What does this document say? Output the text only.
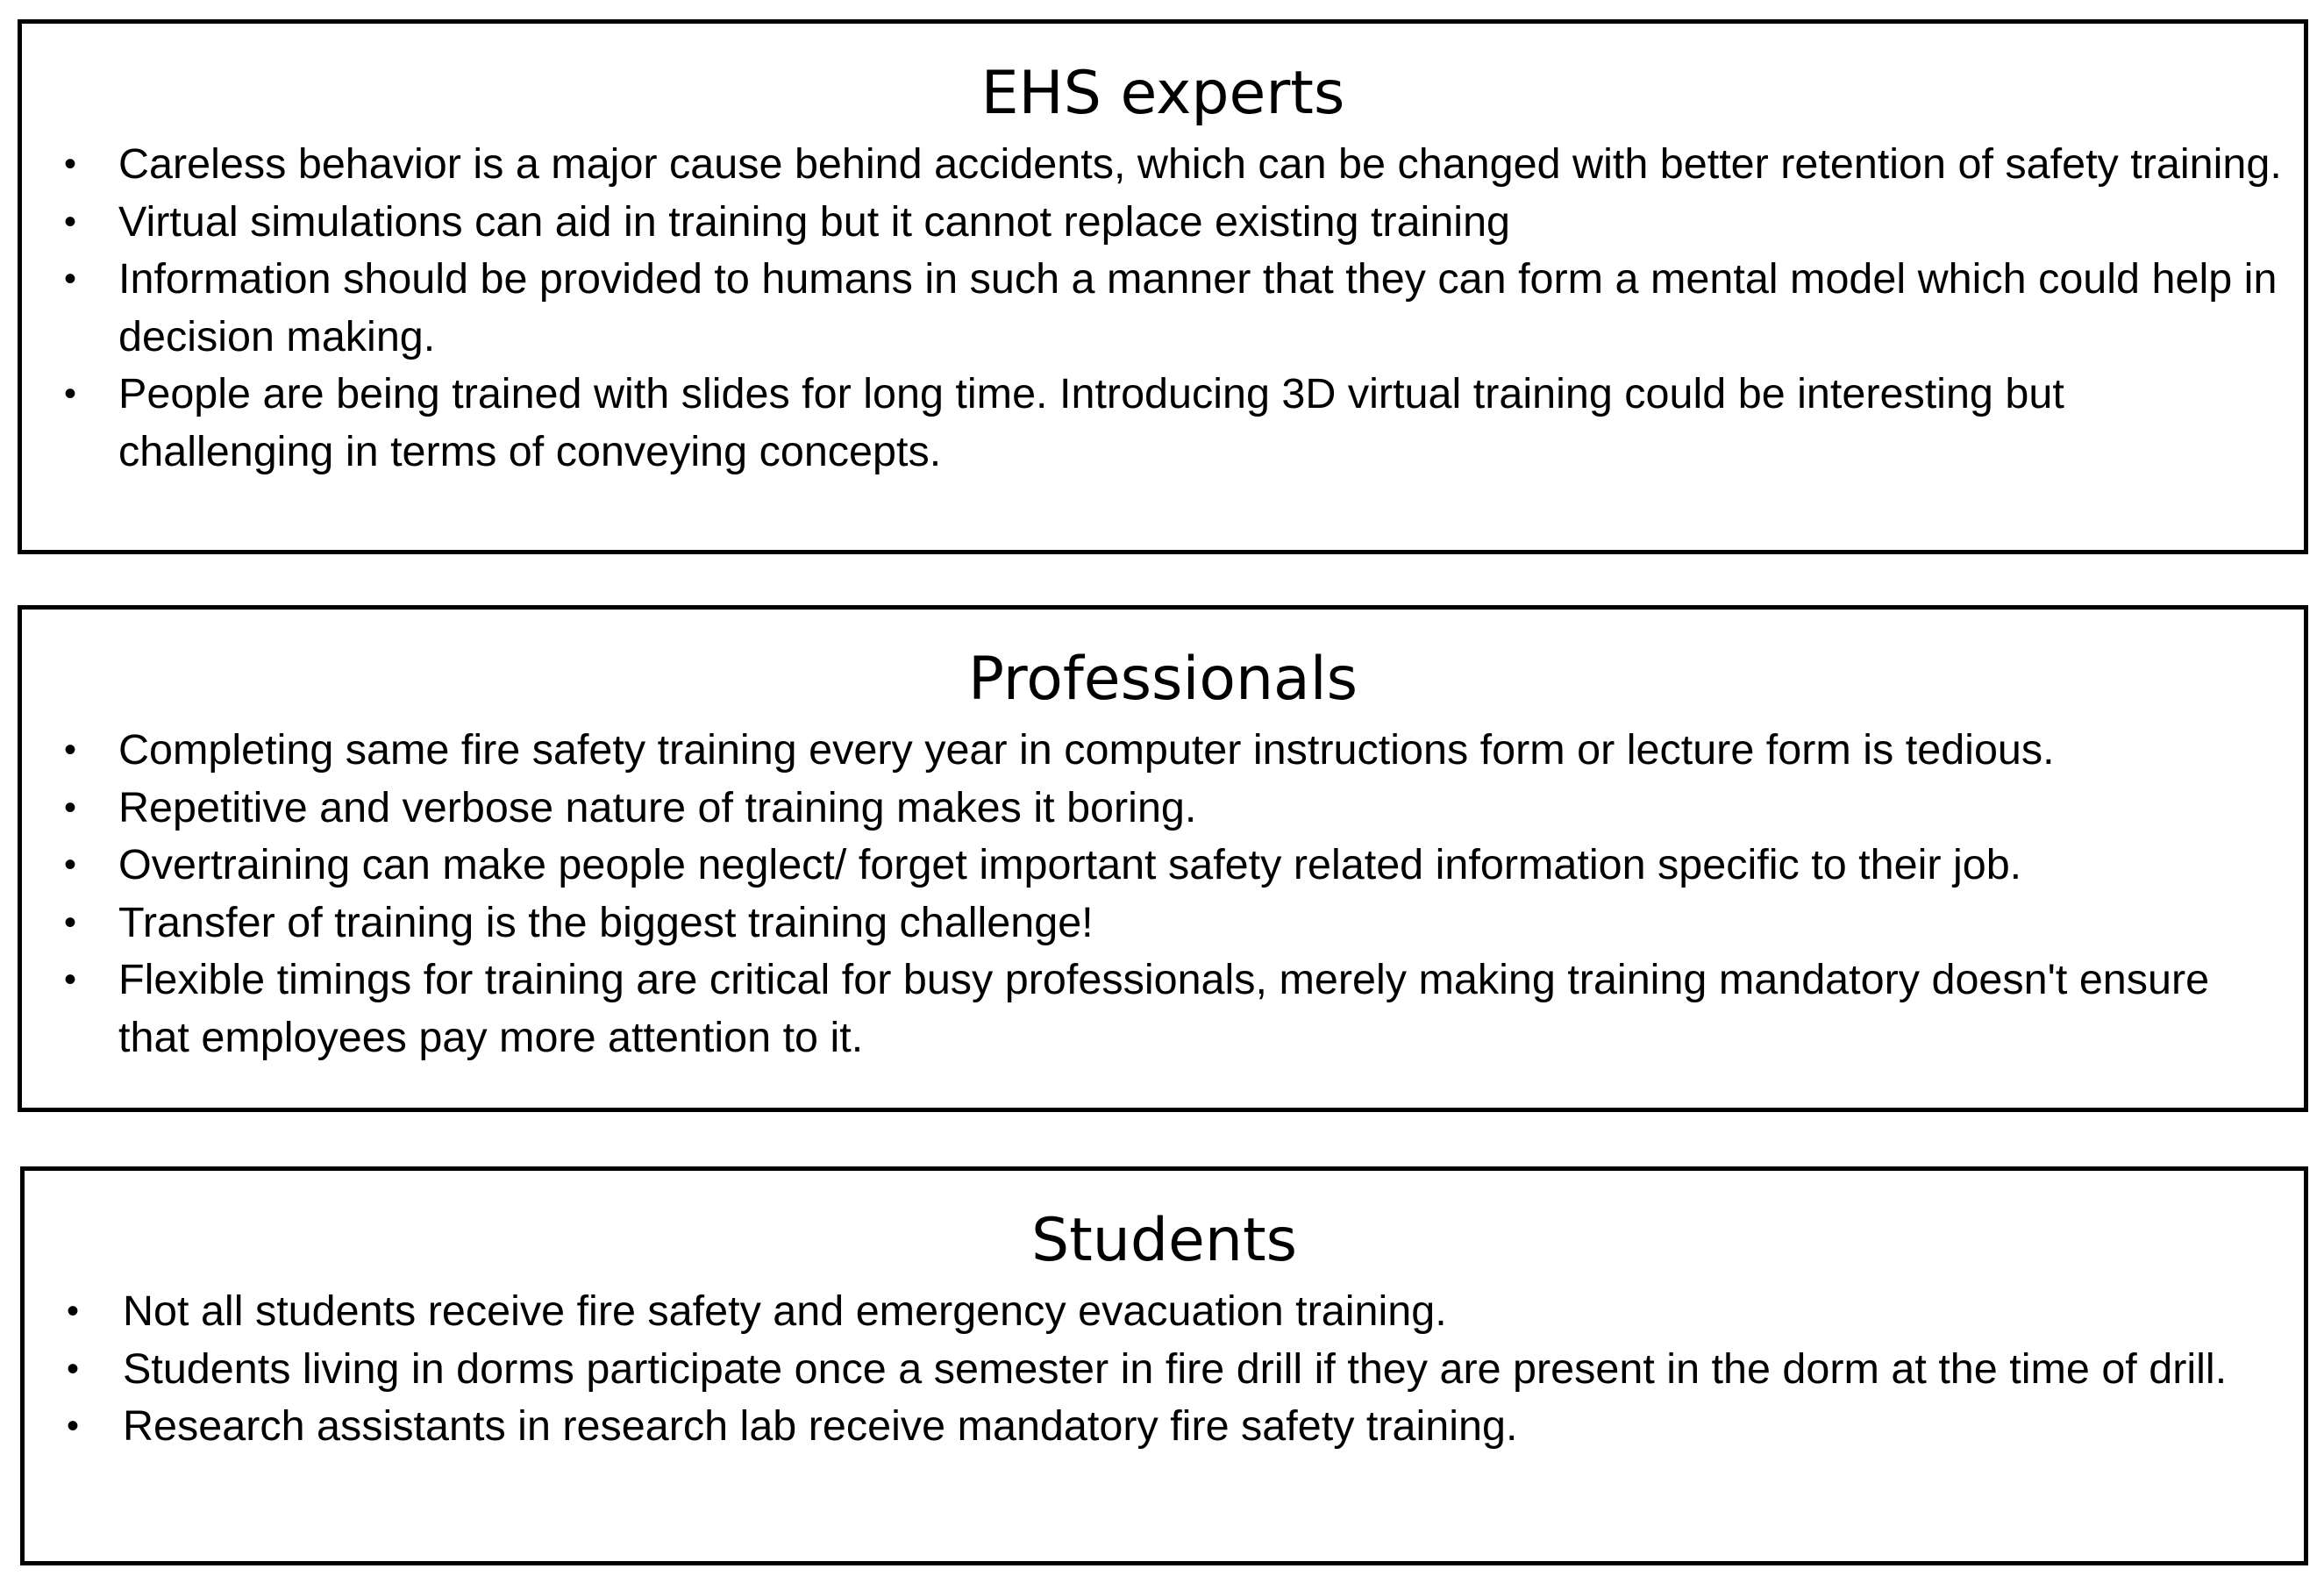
EHS experts
• Careless behavior is a major cause behind accidents, which can be changed with better retention of safety training.
• Virtual simulations can aid in training but it cannot replace existing training
• Information should be provided to humans in such a manner that they can form a mental model which could help in decision making.
• People are being trained with slides for long time. Introducing 3D virtual training could be interesting but challenging in terms of conveying concepts.
Professionals
• Completing same fire safety training every year in computer instructions form or lecture form is tedious.
• Repetitive and verbose nature of training makes it boring.
• Overtraining can make people neglect/ forget important safety related information specific to their job.
• Transfer of training is the biggest training challenge!
• Flexible timings for training are critical for busy professionals, merely making training mandatory doesn't ensure that employees pay more attention to it.
Students
•	Not all students receive fire safety and emergency evacuation training.
•	Students living in dorms participate once a semester in fire drill if they are present in the dorm at the time of drill.
•	Research assistants in research lab receive mandatory fire safety training.
